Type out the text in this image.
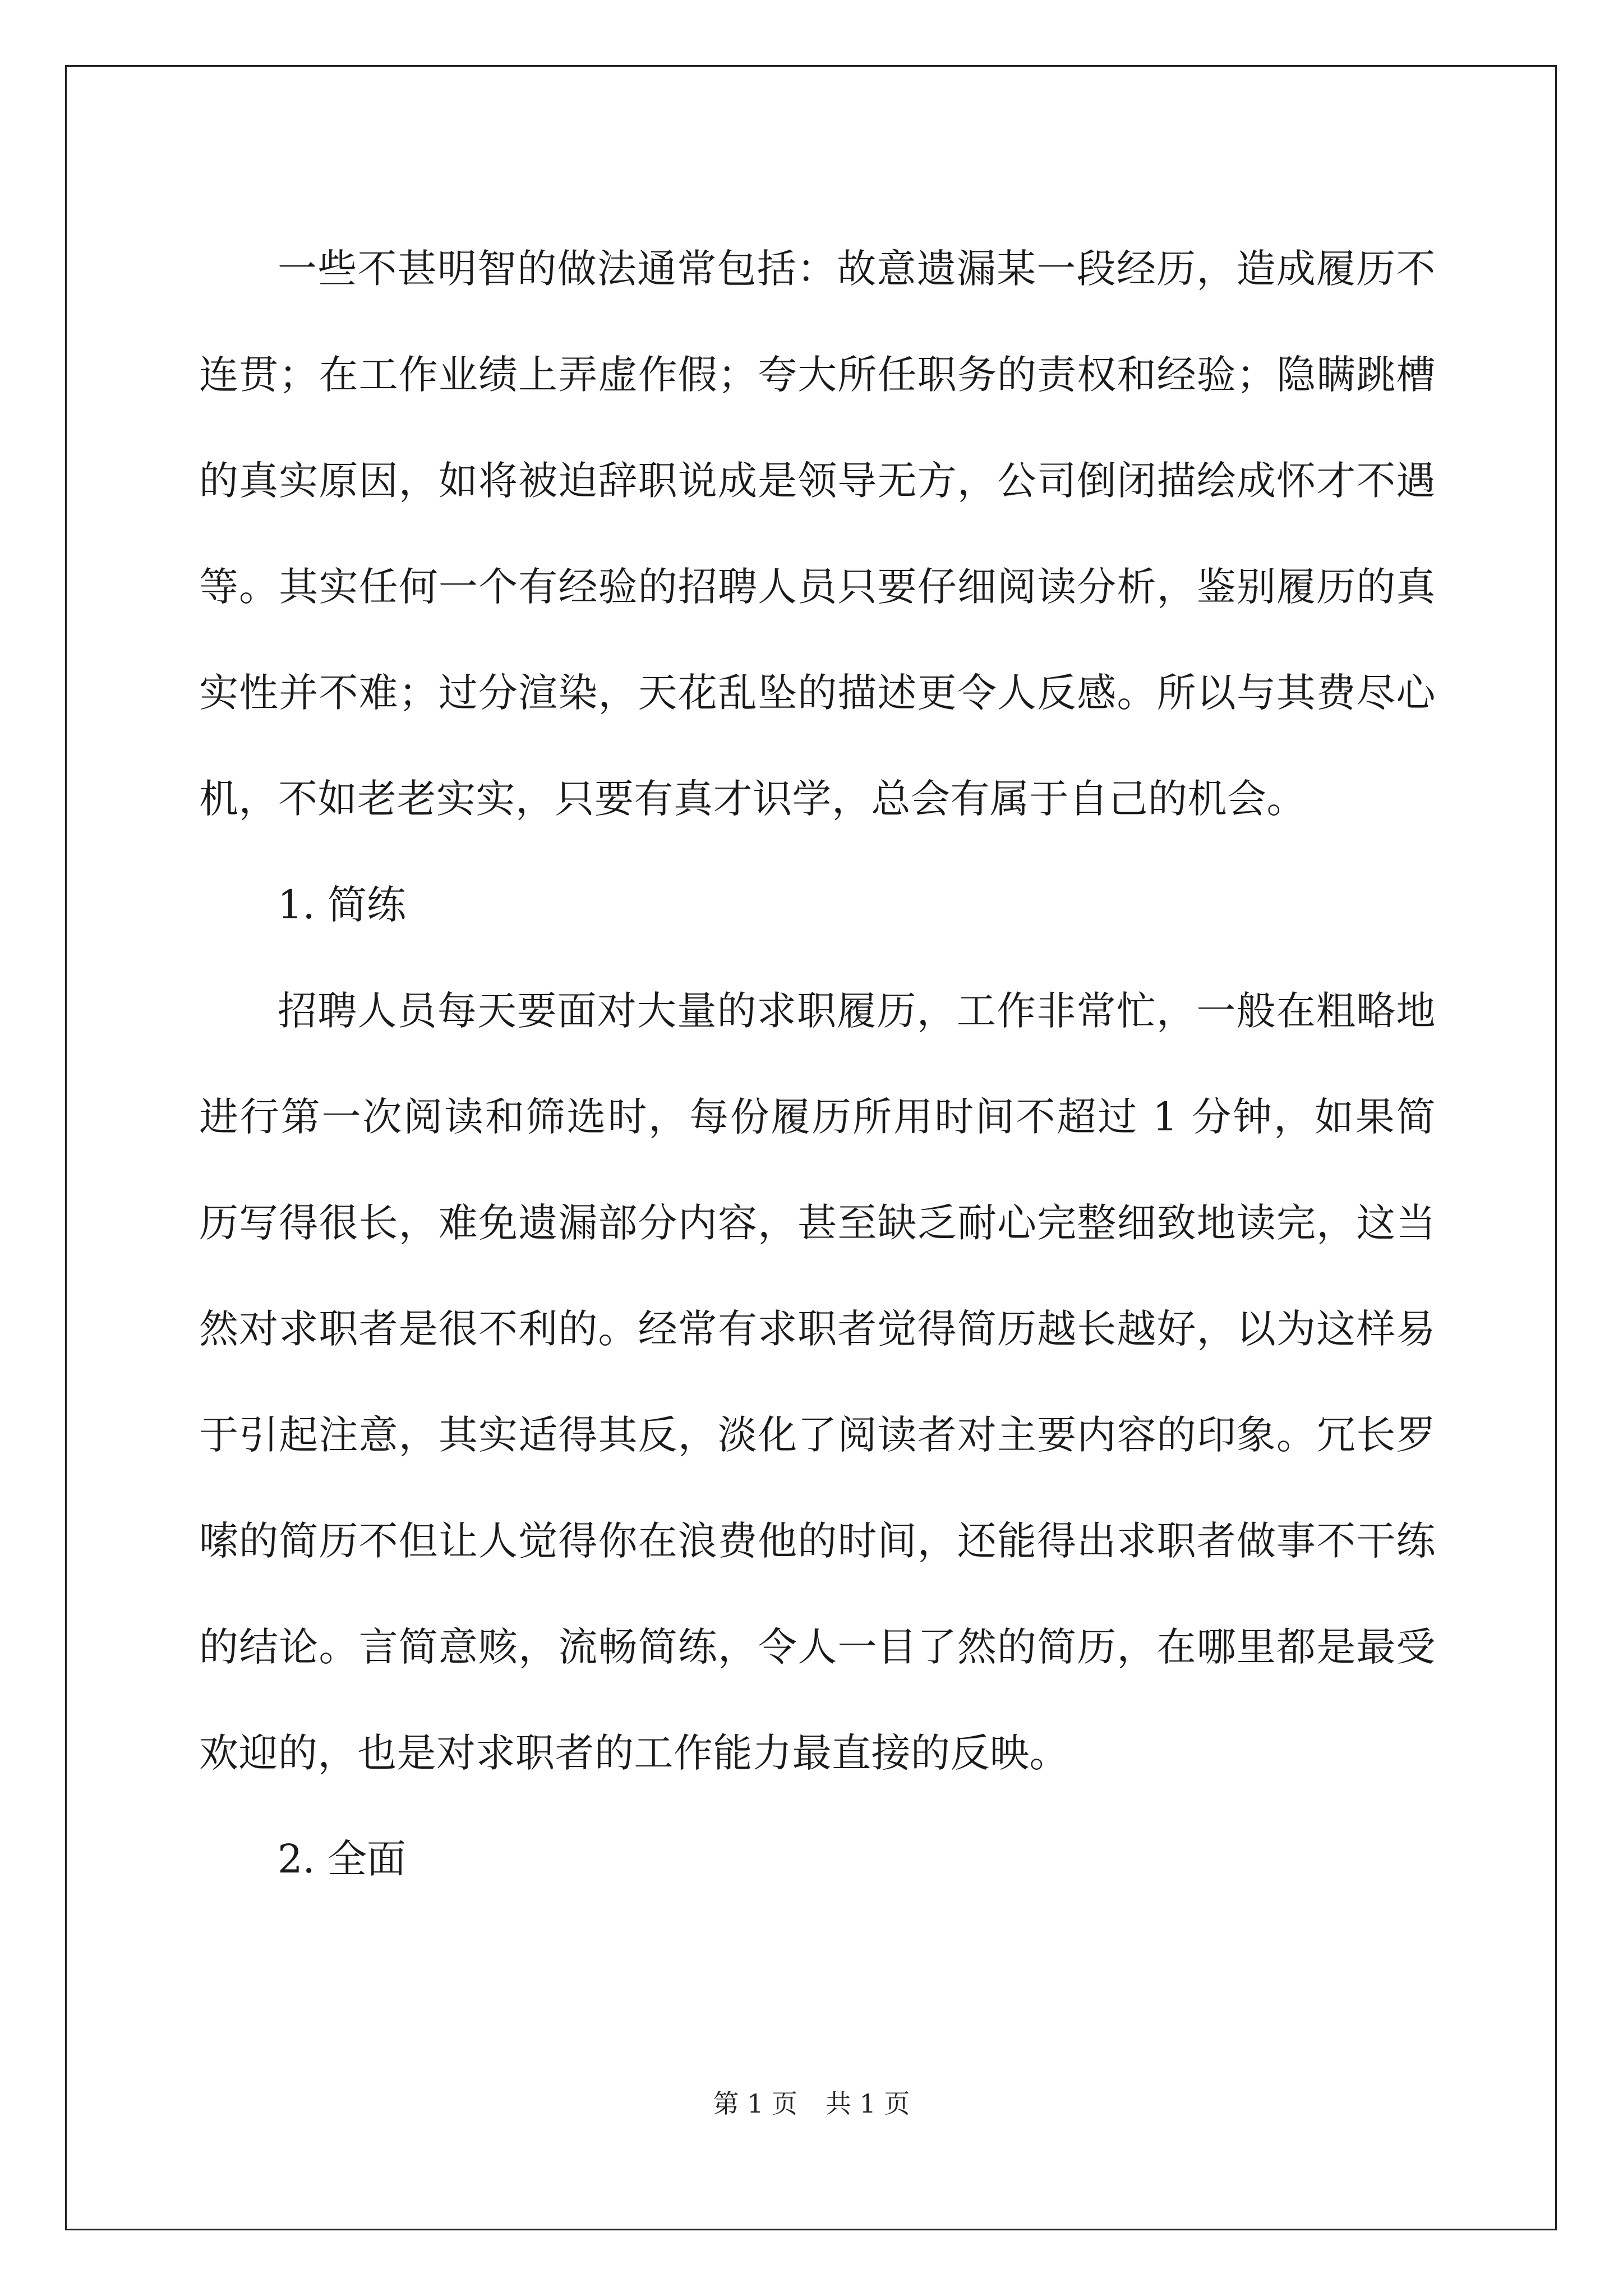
一些不甚明智的做法通常包括：故意遗漏某一段经历，造成履历不连贯；在工作业绩上弄虚作假；夸大所任职务的责权和经验；隐瞒跳槽的真实原因，如将被迫辞职说成是领导无方，公司倒闭描绘成怀才不遇等。其实任何一个有经验的招聘人员只要仔细阅读分析，鉴别履历的真实性并不难；过分渲染，天花乱坠的描述更令人反感。所以与其费尽心机，不如老老实实，只要有真才识学，总会有属于自己的机会。

1. 简练

招聘人员每天要面对大量的求职履历，工作非常忙，一般在粗略地进行第一次阅读和筛选时，每份履历所用时间不超过 1 分钟，如果简历写得很长，难免遗漏部分内容，甚至缺乏耐心完整细致地读完，这当然对求职者是很不利的。经常有求职者觉得简历越长越好，以为这样易于引起注意，其实适得其反，淡化了阅读者对主要内容的印象。冗长罗嗦的简历不但让人觉得你在浪费他的时间，还能得出求职者做事不干练的结论。言简意赅，流畅简练，令人一目了然的简历，在哪里都是最受欢迎的，也是对求职者的工作能力最直接的反映。

2. 全面

第 1 页 共 1 页
